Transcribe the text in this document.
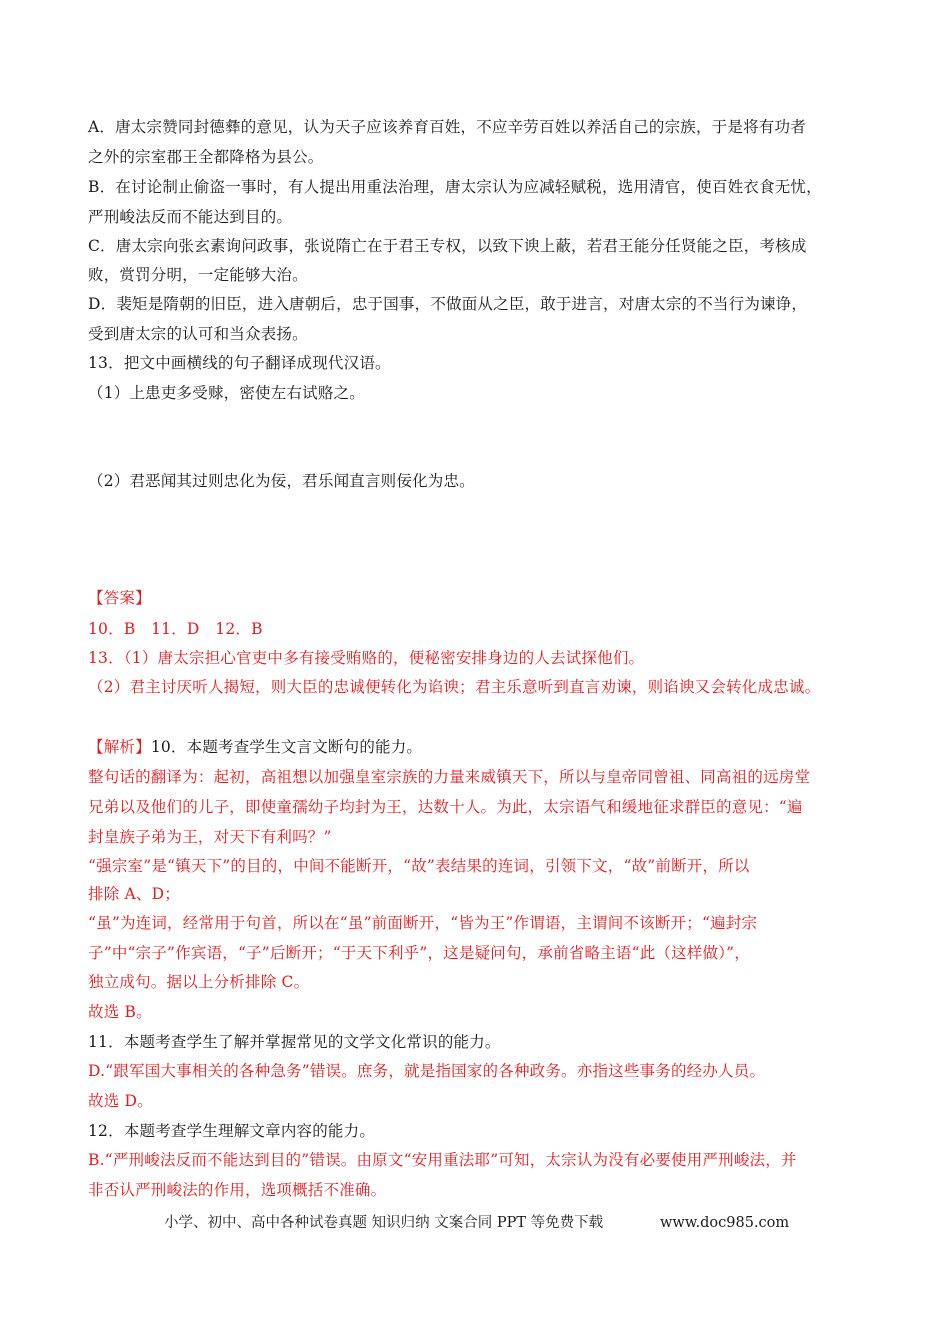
A．唐太宗赞同封德彝的意见，认为天子应该养育百姓，不应辛劳百姓以养活自己的宗族，于是将有功者
之外的宗室郡王全都降格为县公。
B．在讨论制止偷盗一事时，有人提出用重法治理，唐太宗认为应减轻赋税，选用清官，使百姓衣食无忧，
严刑峻法反而不能达到目的。
C．唐太宗向张玄素询问政事，张说隋亡在于君王专权，以致下谀上蔽，若君王能分任贤能之臣，考核成
败，赏罚分明，一定能够大治。
D．裴矩是隋朝的旧臣，进入唐朝后，忠于国事，不做面从之臣，敢于进言，对唐太宗的不当行为谏诤，
受到唐太宗的认可和当众表扬。
13．把文中画横线的句子翻译成现代汉语。
（1）上患吏多受赇，密使左右试赂之。
（2）君恶闻其过则忠化为佞，君乐闻直言则佞化为忠。
【答案】
10．B　11．D　12．B
13．（1）唐太宗担心官吏中多有接受贿赂的，便秘密安排身边的人去试探他们。
（2）君主讨厌听人揭短，则大臣的忠诚便转化为谄谀；君主乐意听到直言劝谏，则谄谀又会转化成忠诚。
【解析】10．本题考查学生文言文断句的能力。
整句话的翻译为：起初，高祖想以加强皇室宗族的力量来威镇天下，所以与皇帝同曾祖、同高祖的远房堂
兄弟以及他们的儿子，即使童孺幼子均封为王，达数十人。为此，太宗语气和缓地征求群臣的意见：“遍
封皇族子弟为王，对天下有利吗？”
“强宗室”是“镇天下”的目的，中间不能断开，“故”表结果的连词，引领下文，“故”前断开，所以
排除 A、D；
“虽”为连词，经常用于句首，所以在“虽”前面断开，“皆为王”作谓语，主谓间不该断开；“遍封宗
子”中“宗子”作宾语，“子”后断开；“于天下利乎”，这是疑问句，承前省略主语“此（这样做）”，
独立成句。据以上分析排除 C。
故选 B。
11．本题考查学生了解并掌握常见的文学文化常识的能力。
D.“跟军国大事相关的各种急务”错误。庶务，就是指国家的各种政务。亦指这些事务的经办人员。
故选 D。
12．本题考查学生理解文章内容的能力。
B.“严刑峻法反而不能达到目的”错误。由原文“安用重法耶”可知，太宗认为没有必要使用严刑峻法，并
非否认严刑峻法的作用，选项概括不准确。
小学、初中、高中各种试卷真题 知识归纳 文案合同 PPT 等免费下载	www.doc985.com
